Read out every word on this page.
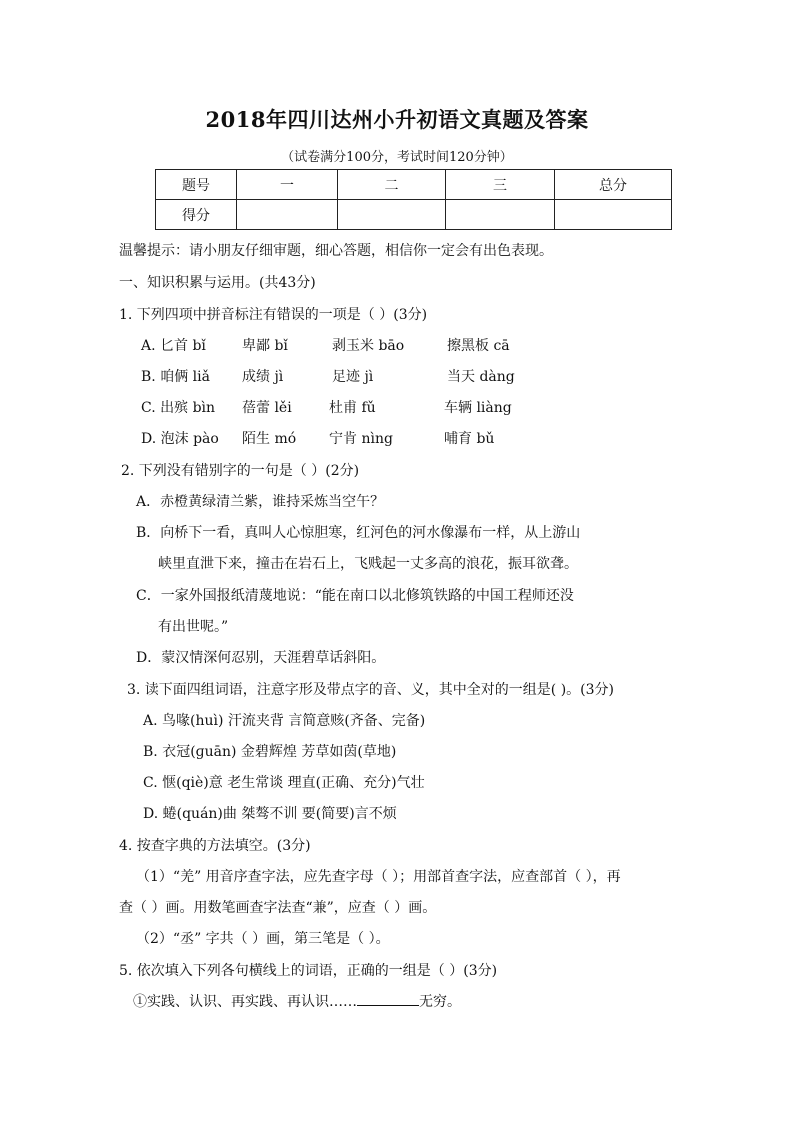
2018年四川达州小升初语文真题及答案
（试卷满分100分，考试时间120分钟）
题号	一	二	三	总分
得分				
温馨提示：请小朋友仔细审题，细心答题，相信你一定会有出色表现。
一、知识积累与运用。(共43分)
1. 下列四项中拼音标注有错误的一项是（ ）(3分)
A. 匕首 bǐ	卑鄙 bǐ	剥玉米 bāo	擦黑板 cā
B. 咱俩 liǎ 成绩 jì	足迹 jì	当天 dàng
C. 出殡 bìn 蓓蕾 lěi	杜甫 fǔ	车辆 liàng
D. 泡沫 pào 陌生 mó 宁肯 nìng	哺育 bǔ
2. 下列没有错别字的一句是（ ）(2分)
A．赤橙黄绿清兰紫，谁持采炼当空午？
B．向桥下一看，真叫人心惊胆寒，红河色的河水像瀑布一样，从上游山
峡里直泄下来，撞击在岩石上，飞贱起一丈多高的浪花，振耳欲聋。
C．一家外国报纸清蔑地说：“能在南口以北修筑铁路的中国工程师还没
有出世呢。”
D．蒙汉情深何忍别，天涯碧草话斜阳。
3. 读下面四组词语，注意字形及带点字的音、义，其中全对的一组是( )。(3分)
A. 鸟喙(huì) 汗流夹背 言简意赅(齐备、完备)
B. 衣冠(ɡuān) 金碧辉煌 芳草如茵(草地)
C. 惬(qiè)意 老生常谈 理直(正确、充分)气壮
D. 蜷(quán)曲 桀骜不训 要(简要)言不烦
4. 按查字典的方法填空。(3分)
（1）“羌” 用音序查字法，应先查字母（ ）；用部首查字法，应查部首（ ），再
查（ ）画。用数笔画查字法查“兼”，应查（ ）画。
（2）“丞” 字共（ ）画，第三笔是（ ）。
5. 依次填入下列各句横线上的词语，正确的一组是（ ）(3分)
①实践、认识、再实践、再认识……	无穷。
